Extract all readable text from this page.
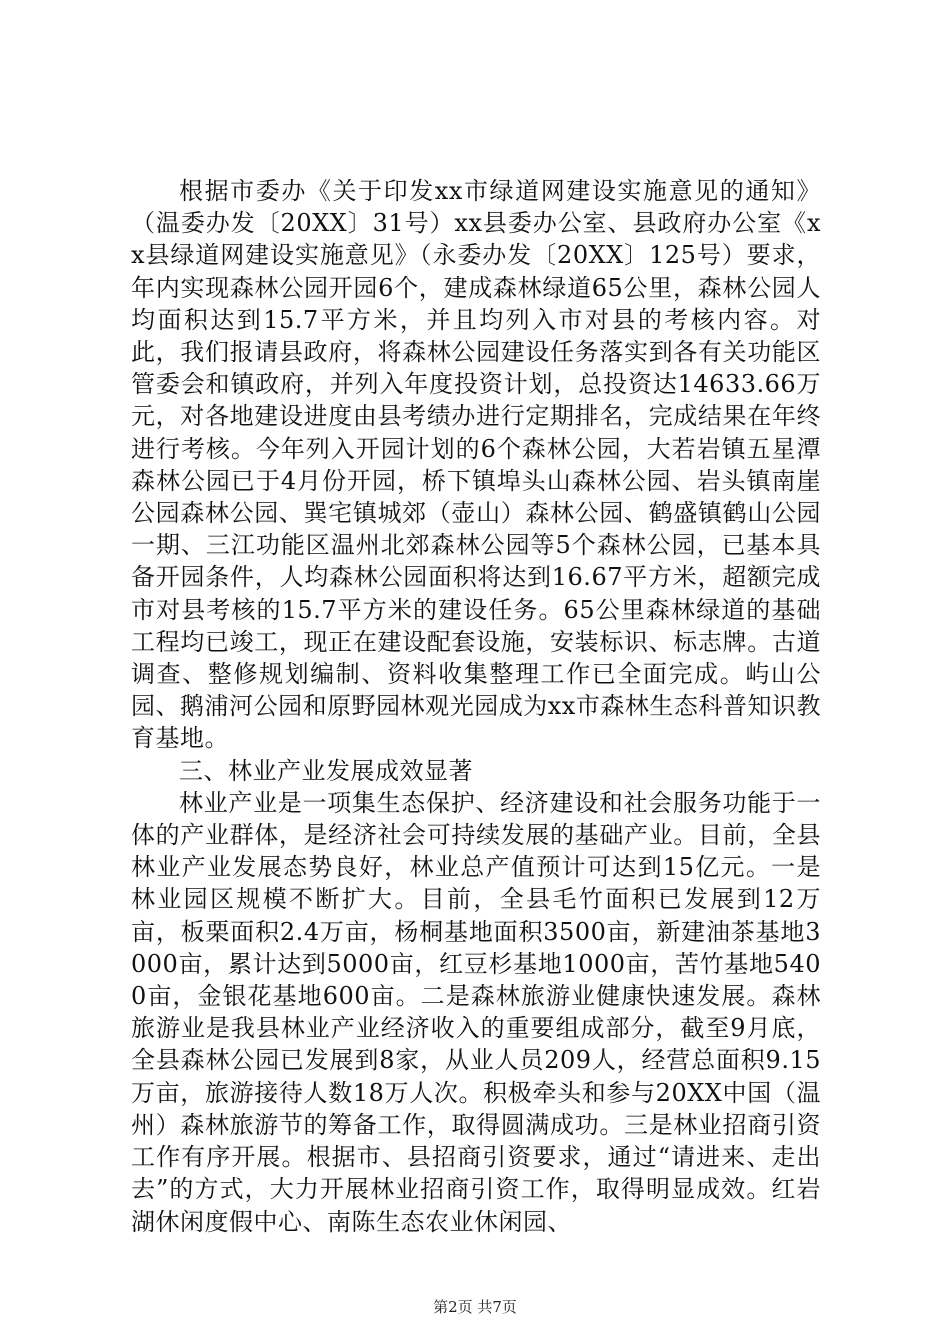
根据市委办《关于印发xx市绿道网建设实施意见的通知》（温委办发〔20XX〕31号）xx县委办公室、县政府办公室《xx县绿道网建设实施意见》（永委办发〔20XX〕125号）要求，年内实现森林公园开园6个，建成森林绿道65公里，森林公园人均面积达到15.7平方米，并且均列入市对县的考核内容。对此，我们报请县政府，将森林公园建设任务落实到各有关功能区管委会和镇政府，并列入年度投资计划，总投资达14633.66万元，对各地建设进度由县考绩办进行定期排名，完成结果在年终进行考核。今年列入开园计划的6个森林公园，大若岩镇五星潭森林公园已于4月份开园，桥下镇埠头山森林公园、岩头镇南崖公园森林公园、巽宅镇城郊（壶山）森林公园、鹤盛镇鹤山公园一期、三江功能区温州北郊森林公园等5个森林公园，已基本具备开园条件，人均森林公园面积将达到16.67平方米，超额完成市对县考核的15.7平方米的建设任务。65公里森林绿道的基础工程均已竣工，现正在建设配套设施，安装标识、标志牌。古道调查、整修规划编制、资料收集整理工作已全面完成。屿山公园、鹅浦河公园和原野园林观光园成为xx市森林生态科普知识教育基地。

三、林业产业发展成效显著

林业产业是一项集生态保护、经济建设和社会服务功能于一体的产业群体，是经济社会可持续发展的基础产业。目前，全县林业产业发展态势良好，林业总产值预计可达到15亿元。一是林业园区规模不断扩大。目前，全县毛竹面积已发展到12万亩，板栗面积2.4万亩，杨桐基地面积3500亩，新建油茶基地3000亩，累计达到5000亩，红豆杉基地1000亩，苦竹基地5400亩，金银花基地600亩。二是森林旅游业健康快速发展。森林旅游业是我县林业产业经济收入的重要组成部分，截至9月底，全县森林公园已发展到8家，从业人员209人，经营总面积9.15万亩，旅游接待人数18万人次。积极牵头和参与20XX中国（温州）森林旅游节的筹备工作，取得圆满成功。三是林业招商引资工作有序开展。根据市、县招商引资要求，通过“请进来、走出去”的方式，大力开展林业招商引资工作，取得明显成效。红岩湖休闲度假中心、南陈生态农业休闲园、

第2页 共7页
